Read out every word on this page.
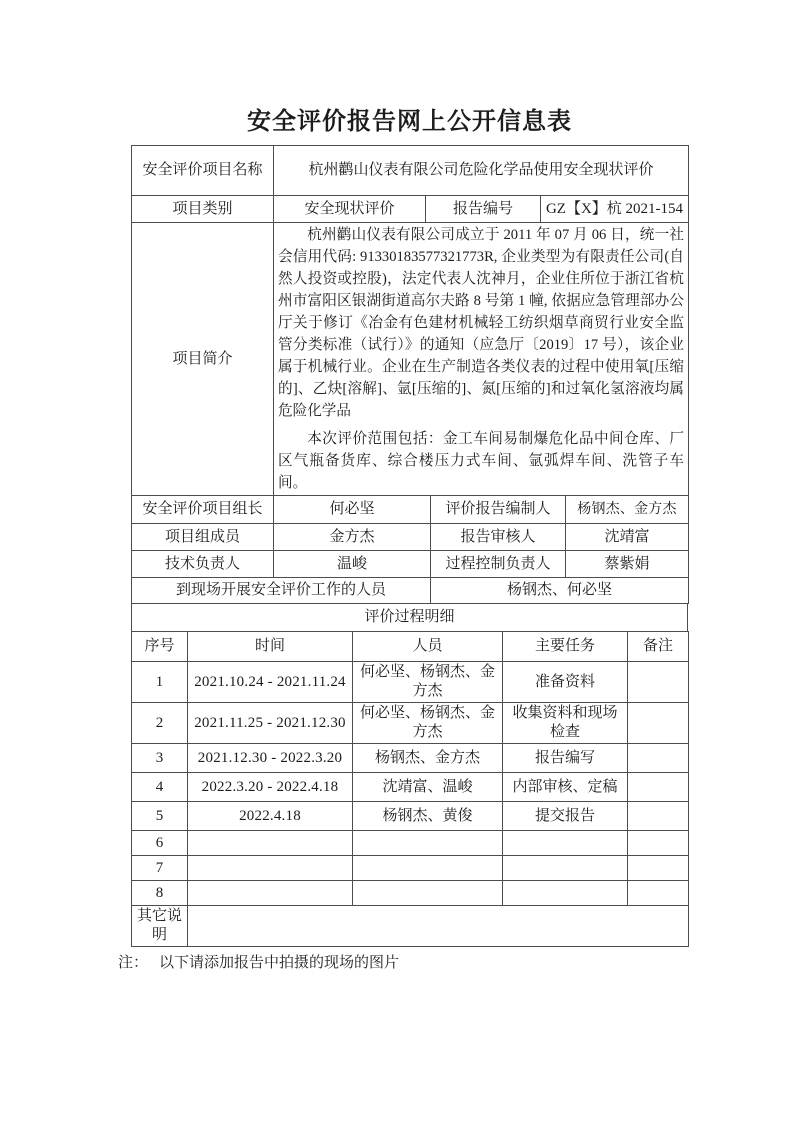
安全评价报告网上公开信息表
安全评价项目名称	杭州鹳山仪表有限公司危险化学品使用安全现状评价		
项目类别	安全现状评价	报告编号	GZ【X】杭 2021-154
项目简介	杭州鹳山仪表有限公司成立于 2011 年 07 月 06 日，统一社会信用代码: 91330183577321773R, 企业类型为有限责任公司(自然人投资或控股)，法定代表人沈神月，企业住所位于浙江省杭州市富阳区银湖街道高尔夫路 8 号第 1 幢, 依据应急管理部办公厅关于修订《冶金有色建材机械轻工纺织烟草商贸行业安全监管分类标准（试行）》的通知（应急厅〔2019〕17 号），该企业属于机械行业。企业在生产制造各类仪表的过程中使用氧[压缩的]、乙炔[溶解]、氩[压缩的]、氮[压缩的]和过氧化氢溶液均属危险化学品

本次评价范围包括：金工车间易制爆危化品中间仓库、厂区气瓶备货库、综合楼压力式车间、氩弧焊车间、洗管子车间。		

安全评价项目组长	何必坚	评价报告编制人	杨钢杰、金方杰
项目组成员	金方杰	报告审核人	沈靖富
技术负责人	温峻	过程控制负责人	蔡紫娟
到现场开展安全评价工作的人员		杨钢杰、何必坚	
评价过程明细
序号	时间	人员	主要任务	备注
1	2021.10.24 - 2021.11.24	何必坚、杨钢杰、金方杰	准备资料	
2	2021.11.25 - 2021.12.30	何必坚、杨钢杰、金方杰	收集资料和现场检查	
3	2021.12.30 - 2022.3.20	杨钢杰、金方杰	报告编写	
4	2022.3.20 - 2022.4.18	沈靖富、温峻	内部审核、定稿	
5	2022.4.18	杨钢杰、黄俊	提交报告	
6				
7				
8				
其它说明				
注： 以下请添加报告中拍摄的现场的图片
